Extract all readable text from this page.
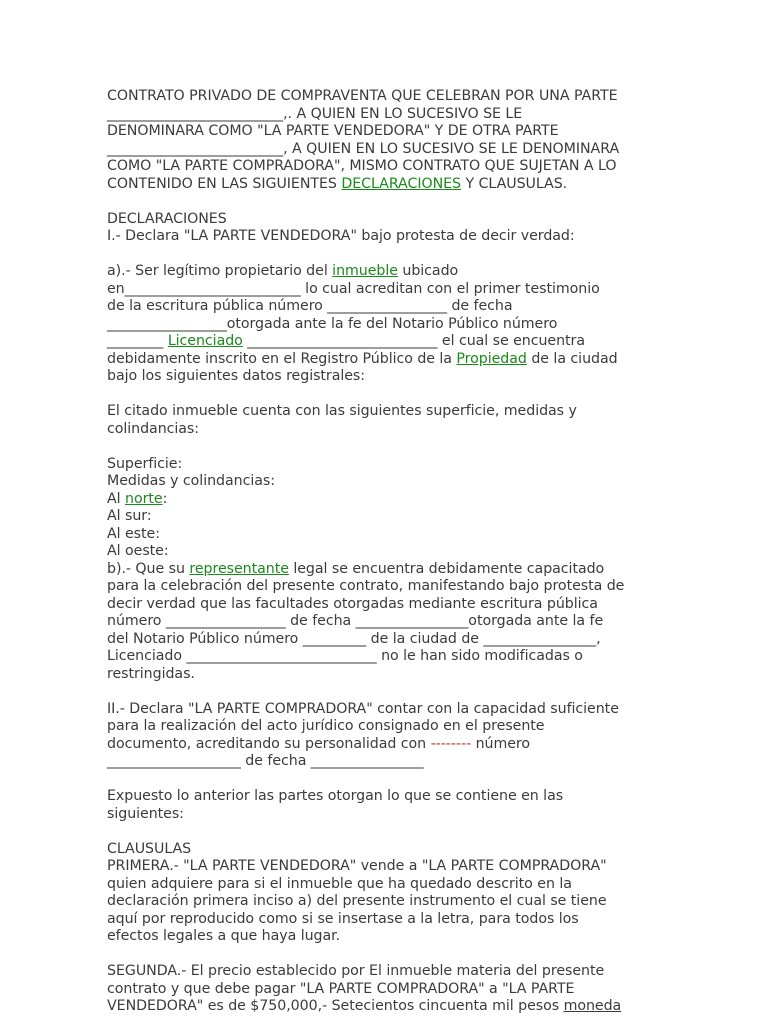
CONTRATO PRIVADO DE COMPRAVENTA QUE CELEBRAN POR UNA PARTE
_________________________,. A QUIEN EN LO SUCESIVO SE LE
DENOMINARA COMO "LA PARTE VENDEDORA" Y DE OTRA PARTE
_________________________, A QUIEN EN LO SUCESIVO SE LE DENOMINARA
COMO "LA PARTE COMPRADORA", MISMO CONTRATO QUE SUJETAN A LO
CONTENIDO EN LAS SIGUIENTES DECLARACIONES Y CLAUSULAS.
DECLARACIONES
I.- Declara "LA PARTE VENDEDORA" bajo protesta de decir verdad:
a).- Ser legítimo propietario del inmueble ubicado
en_________________________ lo cual acreditan con el primer testimonio
de la escritura pública número _________________ de fecha
_________________otorgada ante la fe del Notario Público número
________ Licenciado ___________________________ el cual se encuentra
debidamente inscrito en el Registro Público de la Propiedad de la ciudad
bajo los siguientes datos registrales:
El citado inmueble cuenta con las siguientes superficie, medidas y
colindancias:
Superficie:
Medidas y colindancias:
Al norte:
Al sur:
Al este:
Al oeste:
b).- Que su representante legal se encuentra debidamente capacitado
para la celebración del presente contrato, manifestando bajo protesta de
decir verdad que las facultades otorgadas mediante escritura pública
número _________________ de fecha ________________otorgada ante la fe
del Notario Público número _________ de la ciudad de ________________,
Licenciado ___________________________ no le han sido modificadas o
restringidas.
II.- Declara "LA PARTE COMPRADORA" contar con la capacidad suficiente
para la realización del acto jurídico consignado en el presente
documento, acreditando su personalidad con -------- número
___________________ de fecha ________________
Expuesto lo anterior las partes otorgan lo que se contiene en las
siguientes:
CLAUSULAS
PRIMERA.- "LA PARTE VENDEDORA" vende a "LA PARTE COMPRADORA"
quien adquiere para si el inmueble que ha quedado descrito en la
declaración primera inciso a) del presente instrumento el cual se tiene
aquí por reproducido como si se insertase a la letra, para todos los
efectos legales a que haya lugar.
SEGUNDA.- El precio establecido por El inmueble materia del presente
contrato y que debe pagar "LA PARTE COMPRADORA" a "LA PARTE
VENDEDORA" es de $750,000,- Setecientos cincuenta mil pesos moneda
